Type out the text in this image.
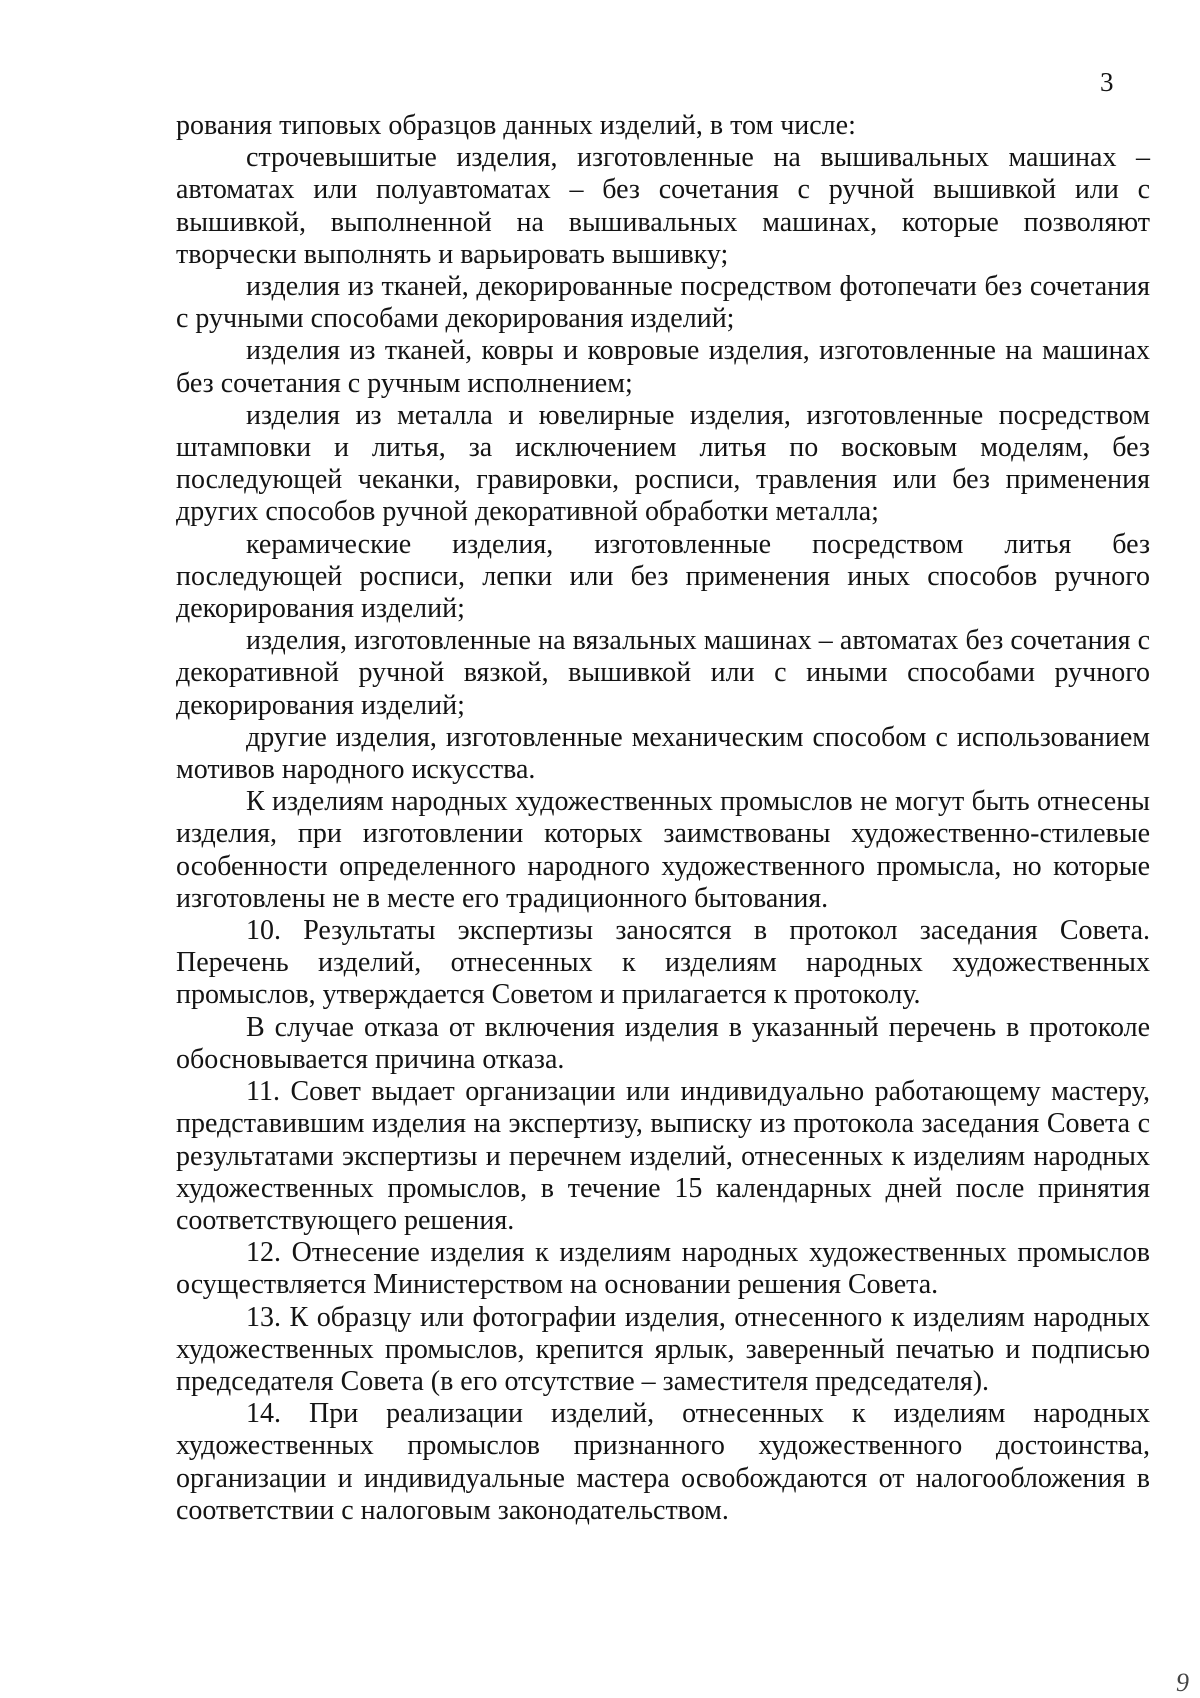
3

рования типовых образцов данных изделий, в том числе:

строчевышитые изделия, изготовленные на вышивальных машинах – автоматах или полуавтоматах – без сочетания с ручной вышивкой или с вышивкой, выполненной на вышивальных машинах, которые позволяют творчески выполнять и варьировать вышивку;

изделия из тканей, декорированные посредством фотопечати без сочетания с ручными способами декорирования изделий;

изделия из тканей, ковры и ковровые изделия, изготовленные на машинах без сочетания с ручным исполнением;

изделия из металла и ювелирные изделия, изготовленные посредством штамповки и литья, за исключением литья по восковым моделям, без последующей чеканки, гравировки, росписи, травления или без применения других способов ручной декоративной обработки металла;

керамические изделия, изготовленные посредством литья без последующей росписи, лепки или без применения иных способов ручного декорирования изделий;

изделия, изготовленные на вязальных машинах – автоматах без сочетания с декоративной ручной вязкой, вышивкой или с иными способами ручного декорирования изделий;

другие изделия, изготовленные механическим способом с использованием мотивов народного искусства.

К изделиям народных художественных промыслов не могут быть отнесены изделия, при изготовлении которых заимствованы художественно-стилевые особенности определенного народного художественного промысла, но которые изготовлены не в месте его традиционного бытования.

10. Результаты экспертизы заносятся в протокол заседания Совета. Перечень изделий, отнесенных к изделиям народных художественных промыслов, утверждается Советом и прилагается к протоколу.

В случае отказа от включения изделия в указанный перечень в протоколе обосновывается причина отказа.

11. Совет выдает организации или индивидуально работающему мастеру, представившим изделия на экспертизу, выписку из протокола заседания Совета с результатами экспертизы и перечнем изделий, отнесенных к изделиям народных художественных промыслов, в течение 15 календарных дней после принятия соответствующего решения.

12. Отнесение изделия к изделиям народных художественных промыслов осуществляется Министерством на основании решения Совета.

13. К образцу или фотографии изделия, отнесенного к изделиям народных художественных промыслов, крепится ярлык, заверенный печатью и подписью председателя Совета (в его отсутствие – заместителя председателя).

14. При реализации изделий, отнесенных к изделиям народных художественных промыслов признанного художественного достоинства, организации и индивидуальные мастера освобождаются от налогообложения в соответствии с налоговым законодательством.

9
